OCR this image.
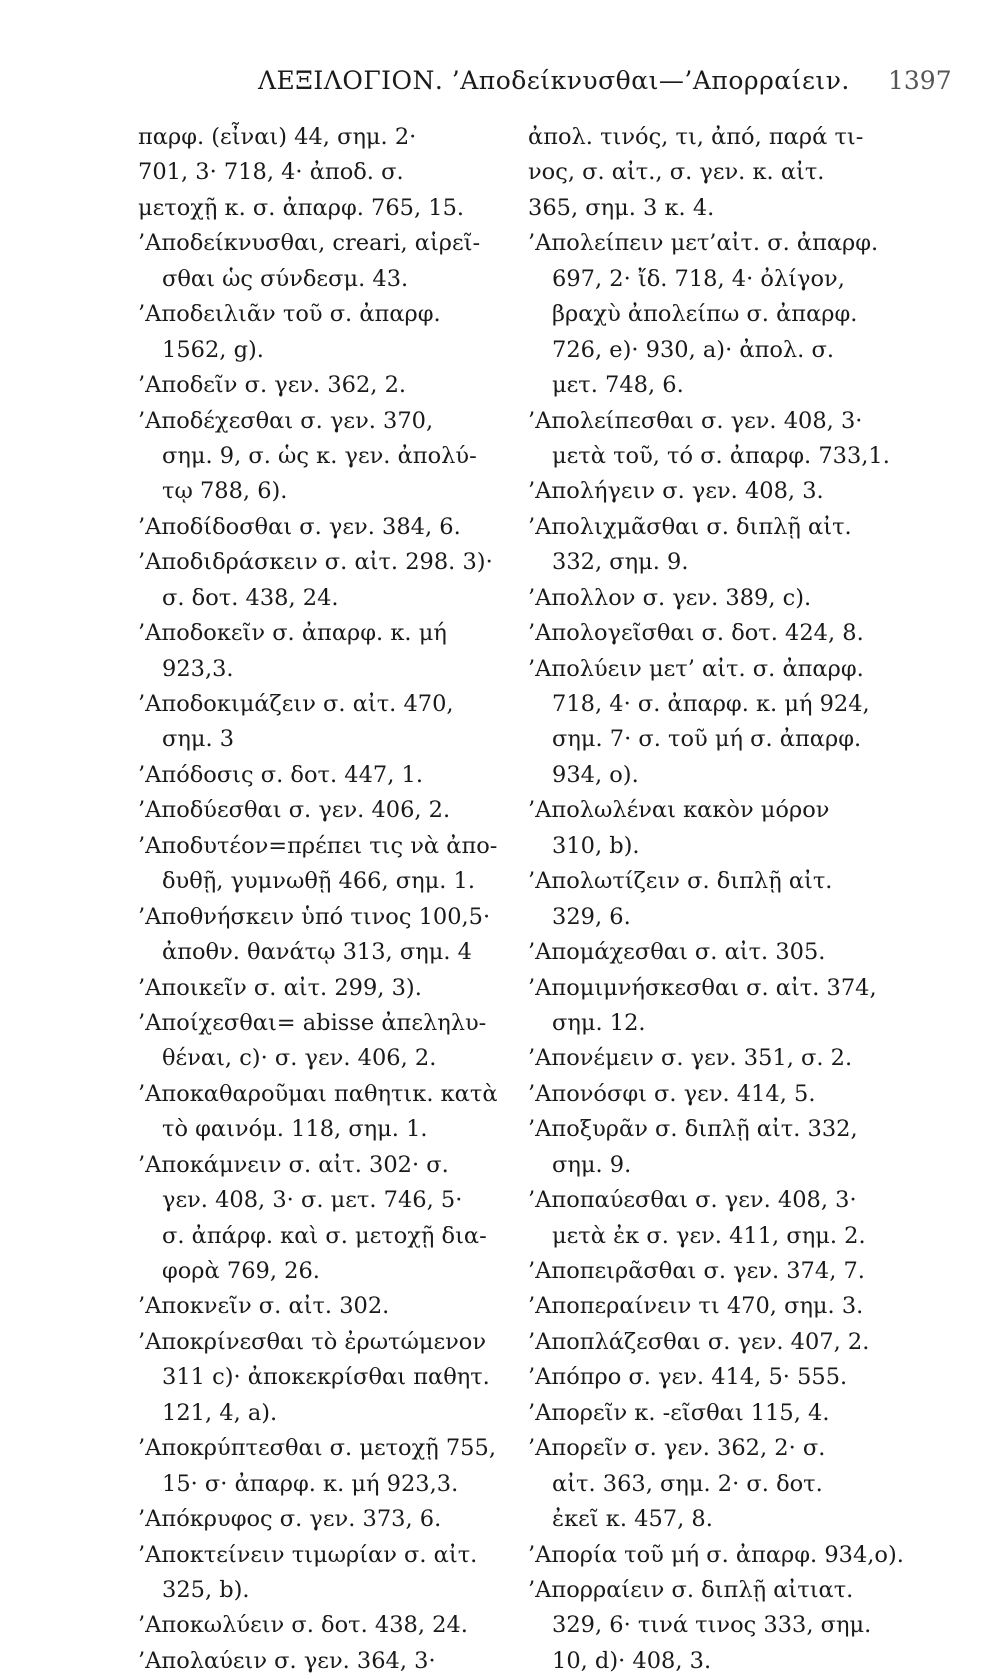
ΛΕΞΙΛΟΓΙΟΝ. ’Αποδείκνυσθαι—’Απορραίειν. 1397
παρφ. (εἶναι) 44, σημ. 2·
701, 3· 718, 4· ἀποδ. σ.
μετοχῇ κ. σ. ἀπαρφ. 765, 15.
’Αποδείκνυσθαι, creari, αἱρεῖ-
σθαι ὡς σύνδεσμ. 43.
’Αποδειλιᾶν τοῦ σ. ἀπαρφ.
1562, g).
’Αποδεῖν σ. γεν. 362, 2.
’Αποδέχεσθαι σ. γεν. 370,
σημ. 9, σ. ὡς κ. γεν. ἀπολύ-
τῳ 788, 6).
’Αποδίδοσθαι σ. γεν. 384, 6.
’Αποδιδράσκειν σ. αἰτ. 298. 3)·
σ. δοτ. 438, 24.
’Αποδοκεῖν σ. ἀπαρφ. κ. μή
923,3.
’Αποδοκιμάζειν σ. αἰτ. 470,
σημ. 3
’Απόδοσις σ. δοτ. 447, 1.
’Αποδύεσθαι σ. γεν. 406, 2.
’Αποδυτέον=πρέπει τις νὰ ἀπο-
δυθῇ, γυμνωθῇ 466, σημ. 1.
’Αποθνήσκειν ὑπό τινος 100,5·
ἀποθν. θανάτῳ 313, σημ. 4
’Αποικεῖν σ. αἰτ. 299, 3).
’Αποίχεσθαι= abisse ἀπεληλυ-
θέναι, c)· σ. γεν. 406, 2.
’Αποκαθαροῦμαι παθητικ. κατὰ
τὸ φαινόμ. 118, σημ. 1.
’Αποκάμνειν σ. αἰτ. 302· σ.
γεν. 408, 3· σ. μετ. 746, 5·
σ. ἀπάρφ. καὶ σ. μετοχῇ δια-
φορὰ 769, 26.
’Αποκνεῖν σ. αἰτ. 302.
’Αποκρίνεσθαι τὸ ἐρωτώμενον
311 c)· ἀποκεκρίσθαι παθητ.
121, 4, a).
’Αποκρύπτεσθαι σ. μετοχῇ 755,
15· σ· ἀπαρφ. κ. μή 923,3.
’Απόκρυφος σ. γεν. 373, 6.
’Αποκτείνειν τιμωρίαν σ. αἰτ.
325, b).
’Αποκωλύειν σ. δοτ. 438, 24.
’Απολαύειν σ. γεν. 364, 3·
ἀπολ. τινός, τι, ἀπό, παρά τι-
νος, σ. αἰτ., σ. γεν. κ. αἰτ.
365, σημ. 3 κ. 4.
’Απολείπειν μετ’αἰτ. σ. ἀπαρφ.
697, 2· ἴδ. 718, 4· ὀλίγον,
βραχὺ ἀπολείπω σ. ἀπαρφ.
726, e)· 930, a)· ἀπολ. σ.
μετ. 748, 6.
’Απολείπεσθαι σ. γεν. 408, 3·
μετὰ τοῦ, τό σ. ἀπαρφ. 733,1.
’Απολήγειν σ. γεν. 408, 3.
’Απολιχμᾶσθαι σ. διπλῇ αἰτ.
332, σημ. 9.
’Απολλον σ. γεν. 389, c).
’Απολογεῖσθαι σ. δοτ. 424, 8.
’Απολύειν μετ’ αἰτ. σ. ἀπαρφ.
718, 4· σ. ἀπαρφ. κ. μή 924,
σημ. 7· σ. τοῦ μή σ. ἀπαρφ.
934, o).
’Απολωλέναι κακὸν μόρον
310, b).
’Απολωτίζειν σ. διπλῇ αἰτ.
329, 6.
’Απομάχεσθαι σ. αἰτ. 305.
’Απομιμνήσκεσθαι σ. αἰτ. 374,
σημ. 12.
’Απονέμειν σ. γεν. 351, σ. 2.
’Απονόσφι σ. γεν. 414, 5.
’Αποξυρᾶν σ. διπλῇ αἰτ. 332,
σημ. 9.
’Αποπαύεσθαι σ. γεν. 408, 3·
μετὰ ἐκ σ. γεν. 411, σημ. 2.
’Αποπειρᾶσθαι σ. γεν. 374, 7.
’Αποπεραίνειν τι 470, σημ. 3.
’Αποπλάζεσθαι σ. γεν. 407, 2.
’Απόπρο σ. γεν. 414, 5· 555.
’Απορεῖν κ. -εῖσθαι 115, 4.
’Απορεῖν σ. γεν. 362, 2· σ.
αἰτ. 363, σημ. 2· σ. δοτ.
ἐκεῖ κ. 457, 8.
’Απορία τοῦ μή σ. ἀπαρφ. 934,o).
’Απορραίειν σ. διπλῇ αἰτιατ.
329, 6· τινά τινος 333, σημ.
10, d)· 408, 3.
